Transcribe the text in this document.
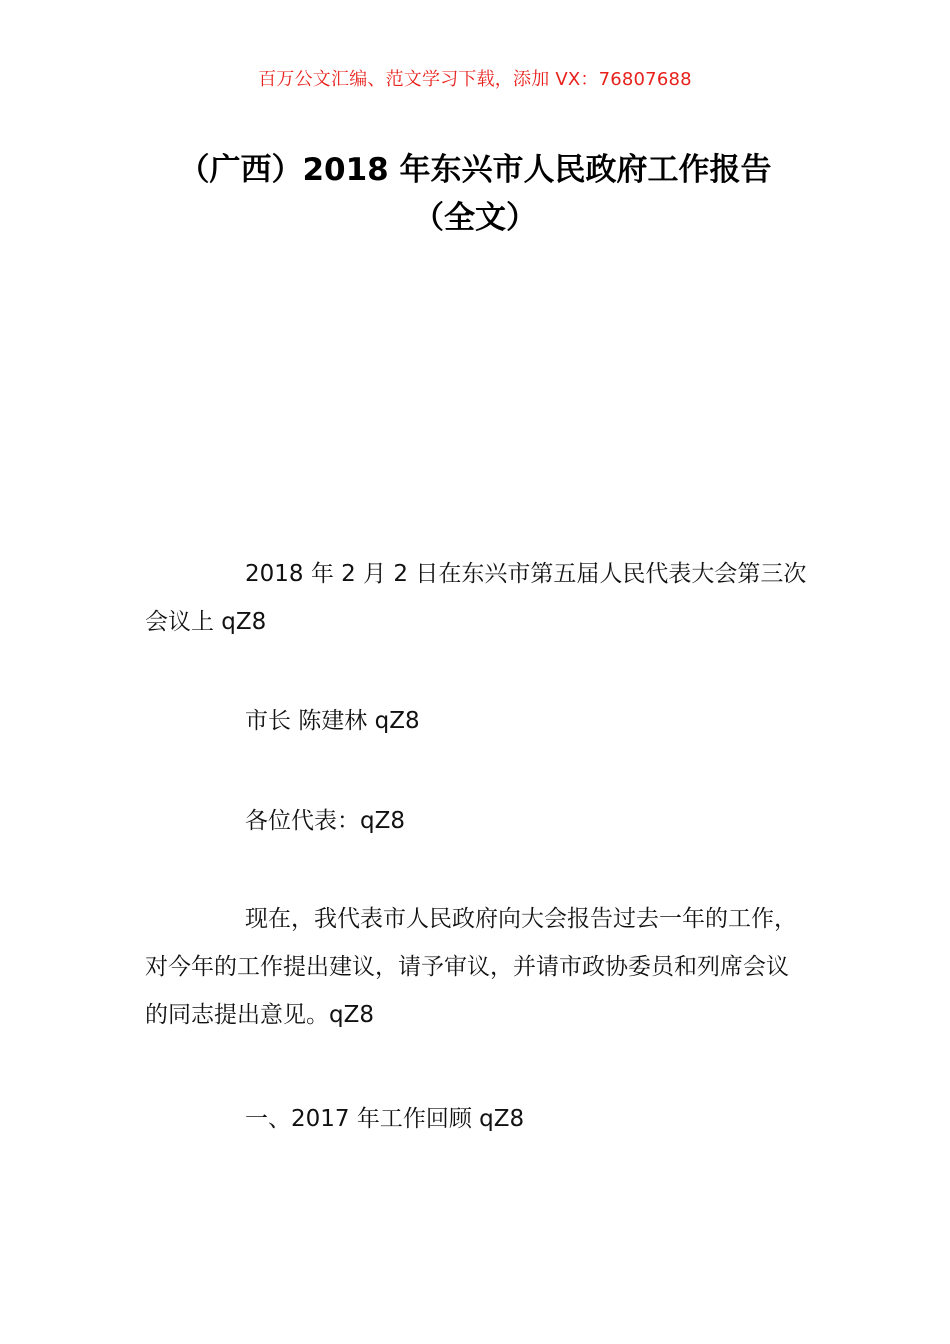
百万公文汇编、范文学习下载，添加 VX：76807688
（广西）2018 年东兴市人民政府工作报告
（全文）

2018 年 2 月 2 日在东兴市第五届人民代表大会第三次会议上 qZ8

市长 陈建林 qZ8

各位代表：qZ8

现在，我代表市人民政府向大会报告过去一年的工作，对今年的工作提出建议，请予审议，并请市政协委员和列席会议的同志提出意见。qZ8

一、2017 年工作回顾 qZ8
